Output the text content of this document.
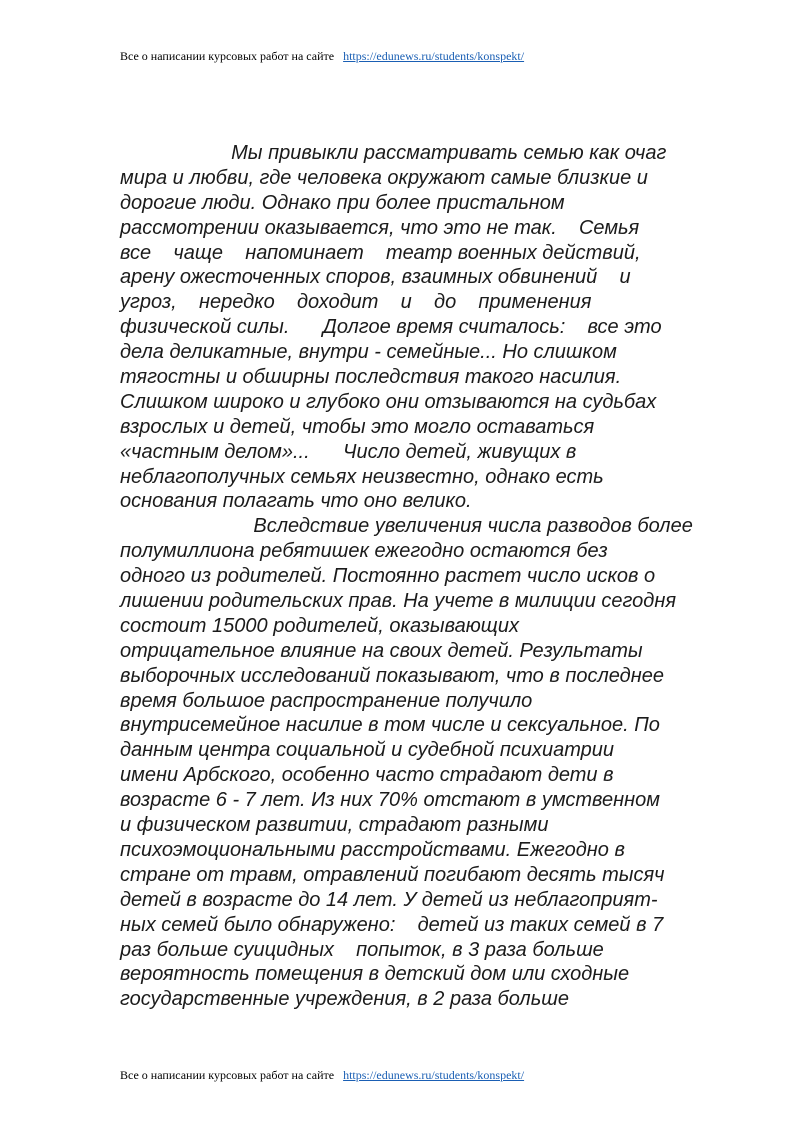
Все о написании курсовых работ на сайте https://edunews.ru/students/konspekt/
Мы привыкли рассматривать семью как очаг
мира и любви, где человека окружают самые близкие и
дорогие люди. Однако при более пристальном
рассмотрении оказывается, что это не так.    Семья
все    чаще    напоминает    театр военных действий,
арену ожесточенных споров, взаимных обвинений    и
угроз,    нередко    доходит    и    до    применения
физической силы.      Долгое время считалось:    все это
дела деликатные, внутри - семейные... Но слишком
тягостны и обширны последствия такого насилия.
Слишком широко и глубоко они отзываются на судьбах
взрослых и детей, чтобы это могло оставаться
«частным делом»...      Число детей, живущих в
неблагополучных семьях неизвестно, однако есть
основания полагать что оно велико.
Вследствие увеличения числа разводов более
полумиллиона ребятишек ежегодно остаются без
одного из родителей. Постоянно растет число исков о
лишении родительских прав. На учете в милиции сегодня
состоит 15000 родителей, оказывающих
отрицательное влияние на своих детей. Результаты
выборочных исследований показывают, что в последнее
время большое распространение получило
внутрисемейное насилие в том числе и сексуальное. По
данным центра социальной и судебной психиатрии
имени Арбского, особенно часто страдают дети в
возрасте 6 - 7 лет. Из них 70% отстают в умственном
и физическом развитии, страдают разными
психоэмоциональными расстройствами. Ежегодно в
стране от травм, отравлений погибают десять тысяч
детей в возрасте до 14 лет. У детей из неблагоприят-
ных семей было обнаружено:    детей из таких семей в 7
раз больше суицидных    попыток, в 3 раза больше
вероятность помещения в детский дом или сходные
государственные учреждения, в 2 раза больше
Все о написании курсовых работ на сайте https://edunews.ru/students/konspekt/
